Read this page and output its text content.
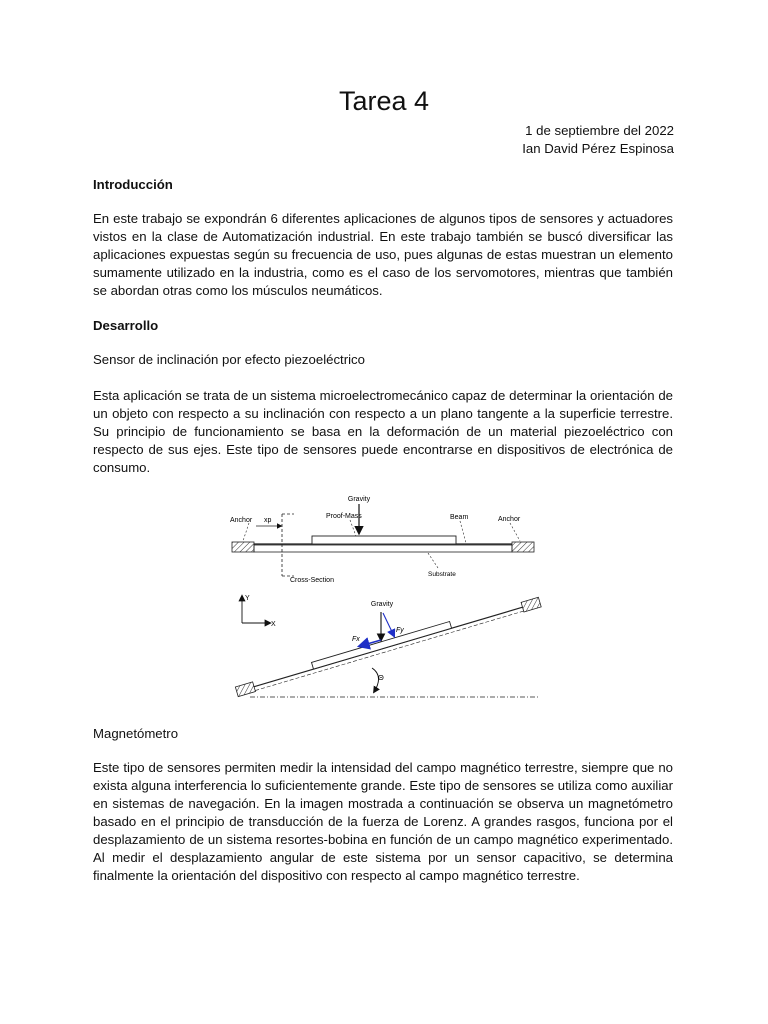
Tarea 4
1 de septiembre del 2022
Ian David Pérez Espinosa
Introducción

En este trabajo se expondrán 6 diferentes aplicaciones de algunos tipos de sensores y actuadores vistos en la clase de Automatización industrial. En este trabajo también se buscó diversificar las aplicaciones expuestas según su frecuencia de uso, pues algunas de estas muestran un elemento sumamente utilizado en la industria, como es el caso de los servomotores, mientras que también se abordan otras como los músculos neumáticos.

Desarrollo

Sensor de inclinación por efecto piezoeléctrico

Esta aplicación se trata de un sistema microelectromecánico capaz de determinar la orientación de un objeto con respecto a su inclinación con respecto a un plano tangente a la superficie terrestre. Su principio de funcionamiento se basa en la deformación de un material piezoeléctrico con respecto de sus ejes. Este tipo de sensores puede encontrarse en dispositivos de electrónica de consumo.

Gravity
Anchor xp
Proof-Mass	Beam	Anchor
Cross-Section
Substrate
Y
X
Gravity
Fx
Fy
Θ

Magnetómetro

Este tipo de sensores permiten medir la intensidad del campo magnético terrestre, siempre que no exista alguna interferencia lo suficientemente grande. Este tipo de sensores se utiliza como auxiliar en sistemas de navegación. En la imagen mostrada a continuación se observa un magnetómetro basado en el principio de transducción de la fuerza de Lorenz. A grandes rasgos, funciona por el desplazamiento de un sistema resortes-bobina en función de un campo magnético experimentado. Al medir el desplazamiento angular de este sistema por un sensor capacitivo, se determina finalmente la orientación del dispositivo con respecto al campo magnético terrestre.
